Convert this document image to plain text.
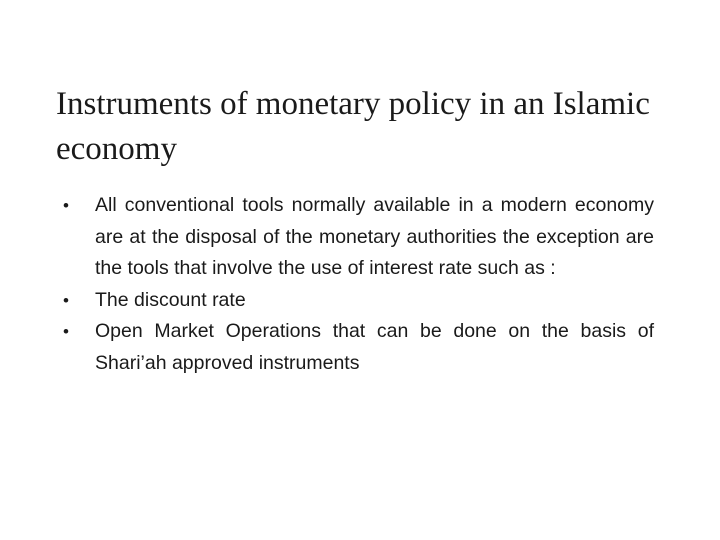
Instruments of monetary policy in an Islamic economy
• All conventional tools normally available in a modern economy are at the disposal of the monetary authorities the exception are the tools that involve the use of interest rate such as :
• The discount rate
• Open Market Operations that can be done on the basis of Shari’ah approved instruments
